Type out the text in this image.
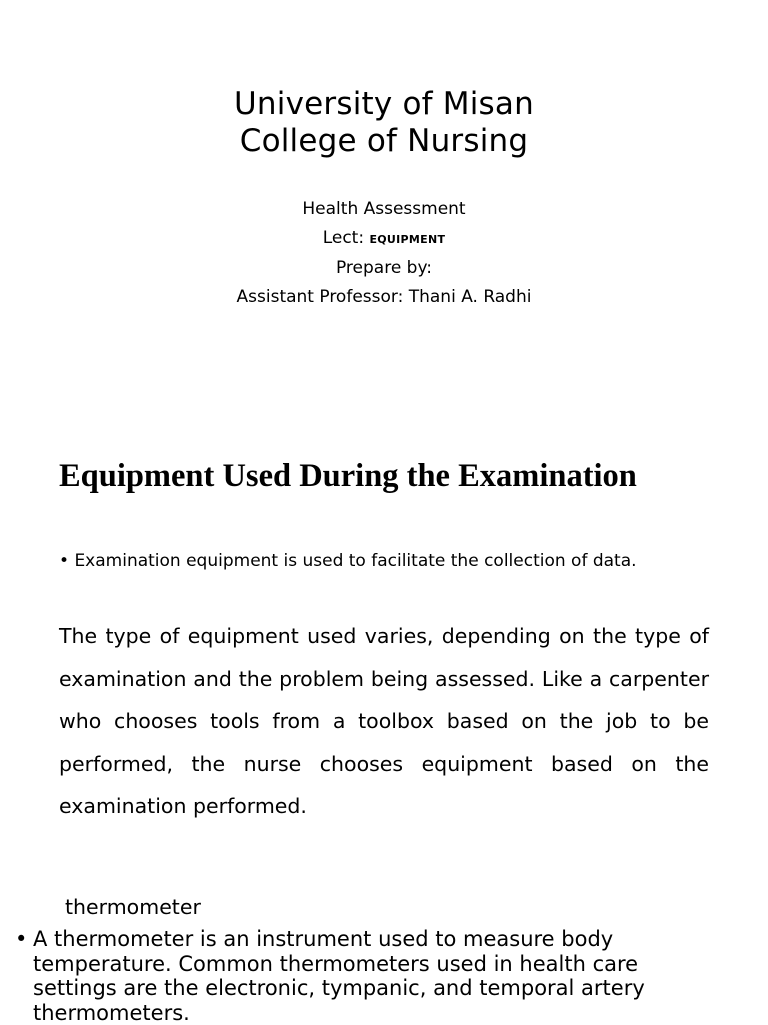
University of Misan
College of Nursing
Health Assessment
Lect: EQUIPMENT
Prepare by:
Assistant Professor: Thani A. Radhi
Equipment Used During the Examination
• Examination equipment is used to facilitate the collection of data.
The type of equipment used varies, depending on the type of examination and the problem being assessed. Like a carpenter who chooses tools from a toolbox based on the job to be performed, the nurse chooses equipment based on the examination performed.
thermometer
• A thermometer is an instrument used to measure body temperature. Common thermometers used in health care settings are the electronic, tympanic, and temporal artery thermometers.
